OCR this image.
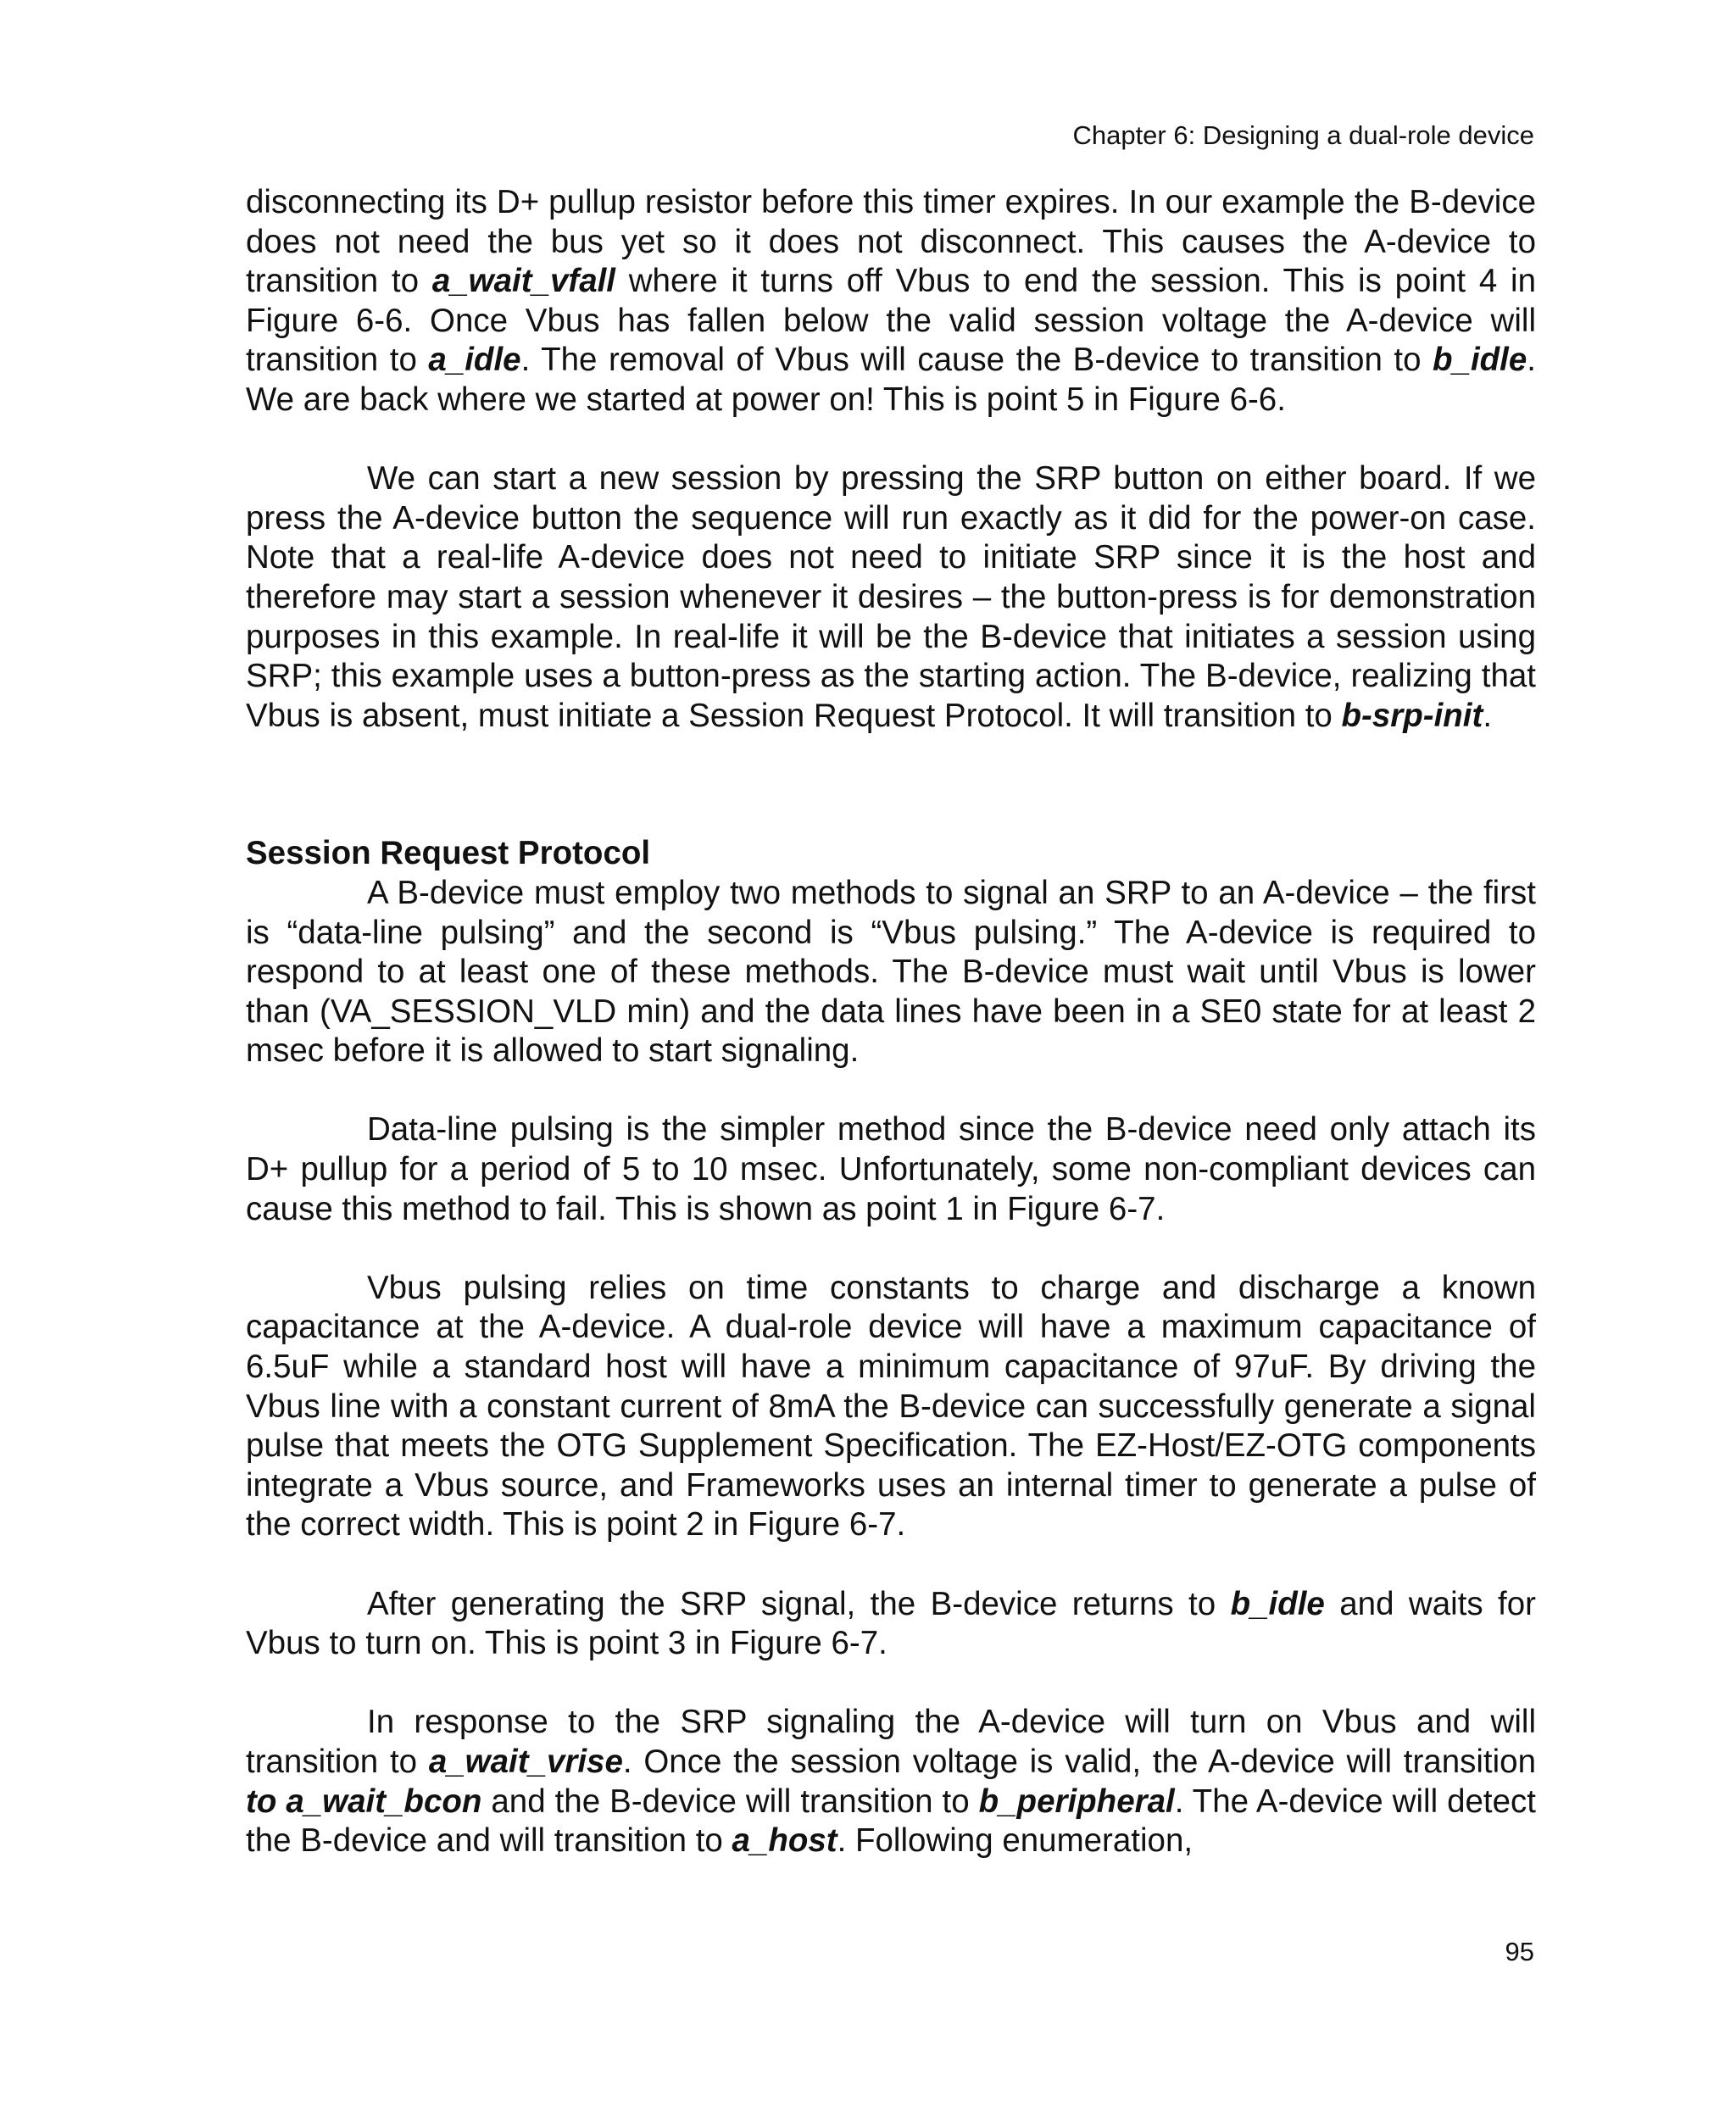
Chapter 6: Designing a dual-role device

disconnecting its D+ pullup resistor before this timer expires. In our example the B-device does not need the bus yet so it does not disconnect. This causes the A-device to transition to a_wait_vfall where it turns off Vbus to end the session. This is point 4 in Figure 6-6. Once Vbus has fallen below the valid session voltage the A-device will transition to a_idle. The removal of Vbus will cause the B-device to transition to b_idle. We are back where we started at power on! This is point 5 in Figure 6-6.

We can start a new session by pressing the SRP button on either board. If we press the A-device button the sequence will run exactly as it did for the power-on case. Note that a real-life A-device does not need to initiate SRP since it is the host and therefore may start a session whenever it desires – the button-press is for demonstration purposes in this example. In real-life it will be the B-device that initiates a session using SRP; this example uses a button-press as the starting action. The B-device, realizing that Vbus is absent, must initiate a Session Request Protocol. It will transition to b-srp-init.

Session Request Protocol

A B-device must employ two methods to signal an SRP to an A-device – the first is “data-line pulsing” and the second is “Vbus pulsing.” The A-device is required to respond to at least one of these methods. The B-device must wait until Vbus is lower than (VA_SESSION_VLD min) and the data lines have been in a SE0 state for at least 2 msec before it is allowed to start signaling.

Data-line pulsing is the simpler method since the B-device need only attach its D+ pullup for a period of 5 to 10 msec. Unfortunately, some non-compliant devices can cause this method to fail. This is shown as point 1 in Figure 6-7.

Vbus pulsing relies on time constants to charge and discharge a known capacitance at the A-device. A dual-role device will have a maximum capacitance of 6.5uF while a standard host will have a minimum capacitance of 97uF. By driving the Vbus line with a constant current of 8mA the B-device can successfully generate a signal pulse that meets the OTG Supplement Specification. The EZ-Host/EZ-OTG components integrate a Vbus source, and Frameworks uses an internal timer to generate a pulse of the correct width. This is point 2 in Figure 6-7.

After generating the SRP signal, the B-device returns to b_idle and waits for Vbus to turn on. This is point 3 in Figure 6-7.

In response to the SRP signaling the A-device will turn on Vbus and will transition to a_wait_vrise. Once the session voltage is valid, the A-device will transition to a_wait_bcon and the B-device will transition to b_peripheral. The A-device will detect the B-device and will transition to a_host. Following enumeration,

95
